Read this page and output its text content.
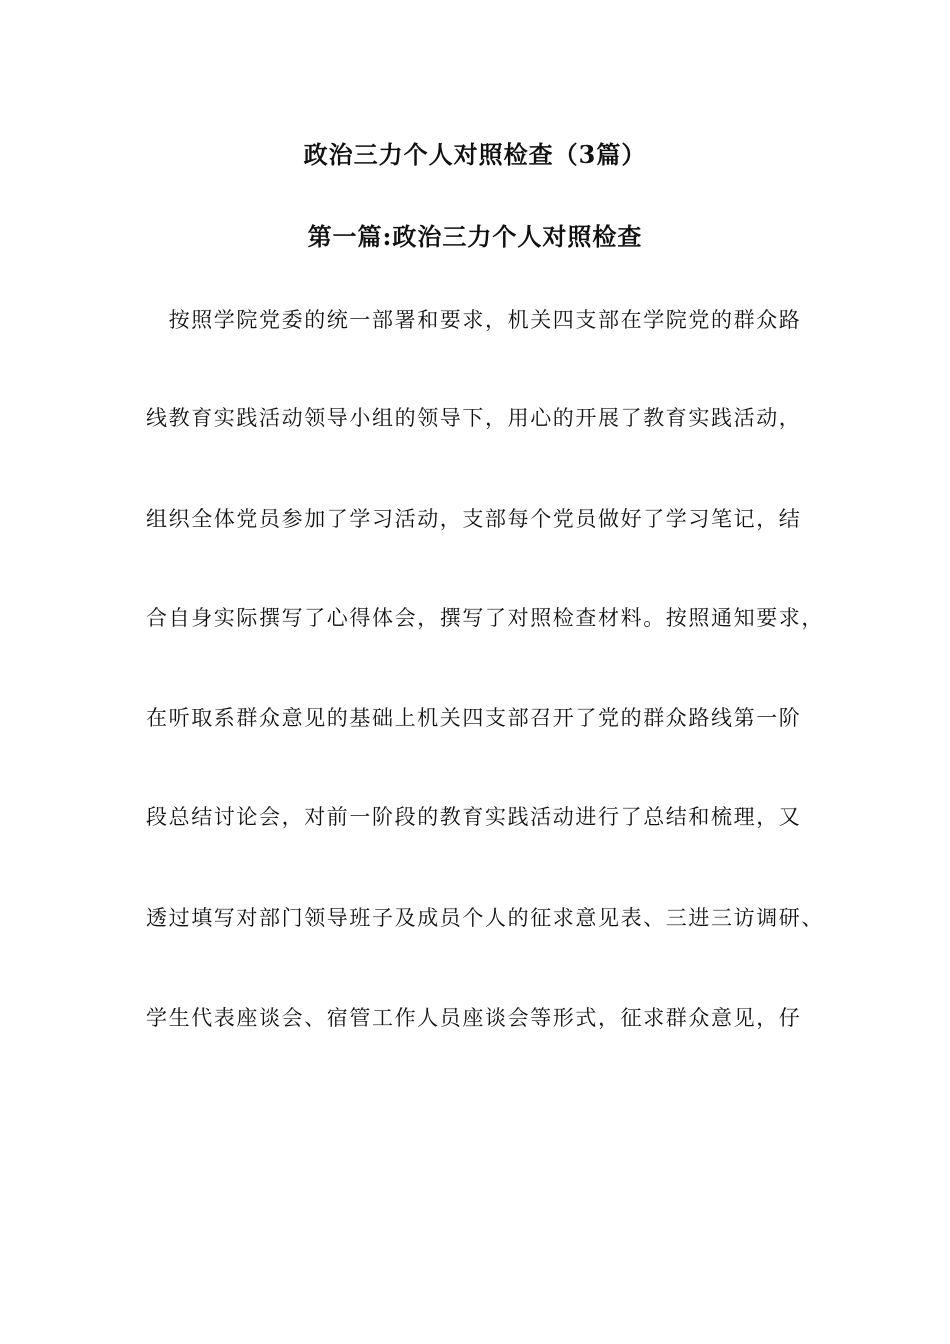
政治三力个人对照检查（3篇）
第一篇:政治三力个人对照检查

　按照学院党委的统一部署和要求，机关四支部在学院党的群众路

线教育实践活动领导小组的领导下，用心的开展了教育实践活动，

组织全体党员参加了学习活动，支部每个党员做好了学习笔记，结

合自身实际撰写了心得体会，撰写了对照检查材料。按照通知要求，

在听取系群众意见的基础上机关四支部召开了党的群众路线第一阶

段总结讨论会，对前一阶段的教育实践活动进行了总结和梳理，又

透过填写对部门领导班子及成员个人的征求意见表、三进三访调研、

学生代表座谈会、宿管工作人员座谈会等形式，征求群众意见，仔
